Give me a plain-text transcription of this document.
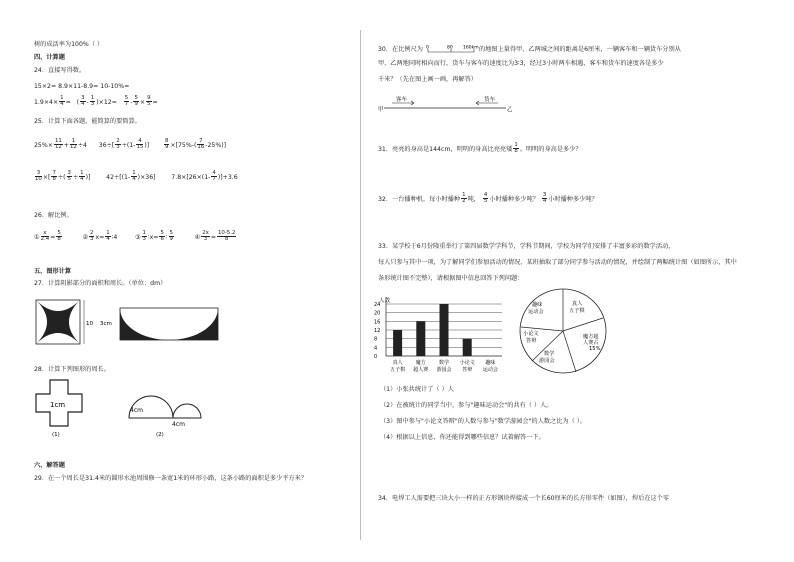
树的成活率为100%（ ）
四、计算题
24．直接写得数。
15×2= 8.9×11-8.9= 10-10%=
$1.9\times 4\times \frac{1}{4}$ =   ( $\frac{3}{4} - \frac{1}{3} )\times 12= \frac{5}{7} - \frac{5}{9} \times \frac{9}{5}$ =
25．计算下面各题，能简算的要简算。
$25\%\times \frac{11}{12} + \frac{1}{12} \div 4$ $36\div[ \frac{2}{3} \div(1- \frac{4}{15}$ )] $\frac{8}{9} \times[75\%-( \frac{7}{16} -25\%)]$
$\frac{3}{10}$ ×[ $\frac{7}{8}$ ÷( $\frac{3}{5} \div \frac{1}{4}$ )]        $42\div[(1- \frac{1}{4} )\times 36]$        $7.8\times[26\times(1- \frac{4}{7} )]+3.6$
26．解比例。
① $\frac{x}{2.4} = \frac{5}{8}$	② $\frac{2}{3} x= \frac{1}{4}$ ∶4         ③ $\frac{1}{3}$ ∶x= $\frac{5}{6}$ ∶ $\frac{5}{9}$	④ $\frac{2x}{3} = \frac{10-5.2}{8}$
五、图形计算
27．计算阴影部分的面积和周长。（单位：dm）
10 3cm
28．计算下列图形的周长。
1cm
(1)
4cm
4cm
(2)
六、解答题
29．在一个周长是31.4米的圆形水池周围修一条宽1米的环形小路，这条小路的面积是多少平方米？
30．在比例尺为 0	80 160km 的地图上量得甲、乙两城之间的距离是6厘米，一辆客车和一辆货车分别从
甲、乙两地同时相向而行，货车与客车的速度比为3∶3，经过3小时两车相遇，客车和货车的速度各是多少
千米？（先在图上画一画，再解答）
客车	货车
甲	乙
31．亮亮的身高是144cm，明明的身高比亮亮矮 $\frac{1}{8}$ 。明明的身高是多少？
32．一台播种机，每小时播种 $\frac{1}{2}$ 吨， $\frac{4}{5}$ 小时播种多少吨？ $\frac{3}{4}$ 小时播种多少吨？
33．某学校于6月份隆重举行了第四届数学学科节，学科节期间，学校为同学们安排了丰富多彩的数学活动，
每人只参与其中一项，为了解同学们参加活动的情况，某班抽取了部分同学参与活动的情况，并绘制了两幅统计图（如图所示，其中
条形统计图不完整），请根据图中信息回答下列问题：
人数
24
20
16
12
8
4
0
真人
五子棋
魔方
超人赛
数学
游园会
小论文
答辩
趣味
运动会
趣味运动会
真人五子棋
魔方超人赛占 15%
数学游园会
小论文答辩
（1）小张共统计了（ ）人
（2）在被统计的同学当中，参与"趣味运动会"的共有（ ）人。
（3）图中参与"小论文答辩"的人数与参与"数学游园会"的人数之比为（ ）。
（4）根据以上信息，你还能得到哪些信息？试着解答一下。
34．电焊工人需要把三块大小一样的正方形钢块焊接成一个长60厘米的长方形零件（如图），焊后在这个零
